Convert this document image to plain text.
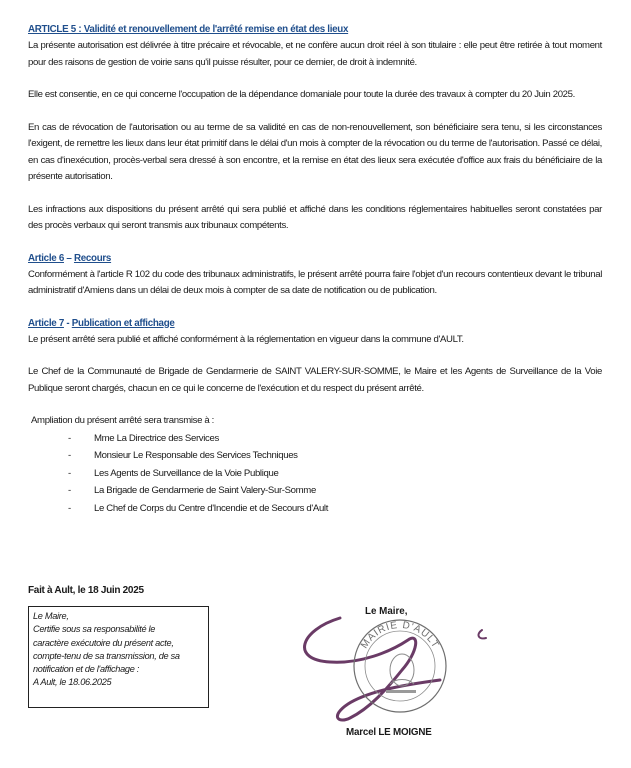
ARTICLE 5 : Validité et renouvellement de l'arrêté remise en état des lieux

La présente autorisation est délivrée à titre précaire et révocable, et ne confère aucun droit réel à son titulaire : elle peut être retirée à tout moment pour des raisons de gestion de voirie sans qu'il puisse résulter, pour ce dernier, de droit à indemnité.

Elle est consentie, en ce qui concerne l'occupation de la dépendance domaniale pour toute la durée des travaux à compter du 20 Juin 2025.

En cas de révocation de l'autorisation ou au terme de sa validité en cas de non-renouvellement, son bénéficiaire sera tenu, si les circonstances l'exigent, de remettre les lieux dans leur état primitif dans le délai d'un mois à compter de la révocation ou du terme de l'autorisation. Passé ce délai, en cas d'inexécution, procès-verbal sera dressé à son encontre, et la remise en état des lieux sera exécutée d'office aux frais du bénéficiaire de la présente autorisation.

Les infractions aux dispositions du présent arrêté qui sera publié et affiché dans les conditions réglementaires habituelles seront constatées par des procès verbaux qui seront transmis aux tribunaux compétents.

Article 6 – Recours

Conformément à l'article R 102 du code des tribunaux administratifs, le présent arrêté pourra faire l'objet d'un recours contentieux devant le tribunal administratif d'Amiens dans un délai de deux mois à compter de sa date de notification ou de publication.

Article 7 - Publication et affichage

Le présent arrêté sera publié et affiché conformément à la réglementation en vigueur dans la commune d'AULT.

Le Chef de la Communauté de Brigade de Gendarmerie de SAINT VALERY-SUR-SOMME, le Maire et les Agents de Surveillance de la Voie Publique seront chargés, chacun en ce qui le concerne de l'exécution et du respect du présent arrêté.

Ampliation du présent arrêté sera transmise à :

- Mme La Directrice des Services
- Monsieur Le Responsable des Services Techniques
- Les Agents de Surveillance de la Voie Publique
- La Brigade de Gendarmerie de Saint Valery-Sur-Somme
- Le Chef de Corps du Centre d'Incendie et de Secours d'Ault
Fait à Ault, le 18 Juin 2025
Le Maire,
Certifie sous sa responsabilité le
caractère exécutoire du présent acte,
compte-tenu de sa transmission, de sa
notification et de l'affichage :
A Ault, le 18.06.2025
MAIRIE D'AULT
Le Maire,
Marcel LE MOIGNE
